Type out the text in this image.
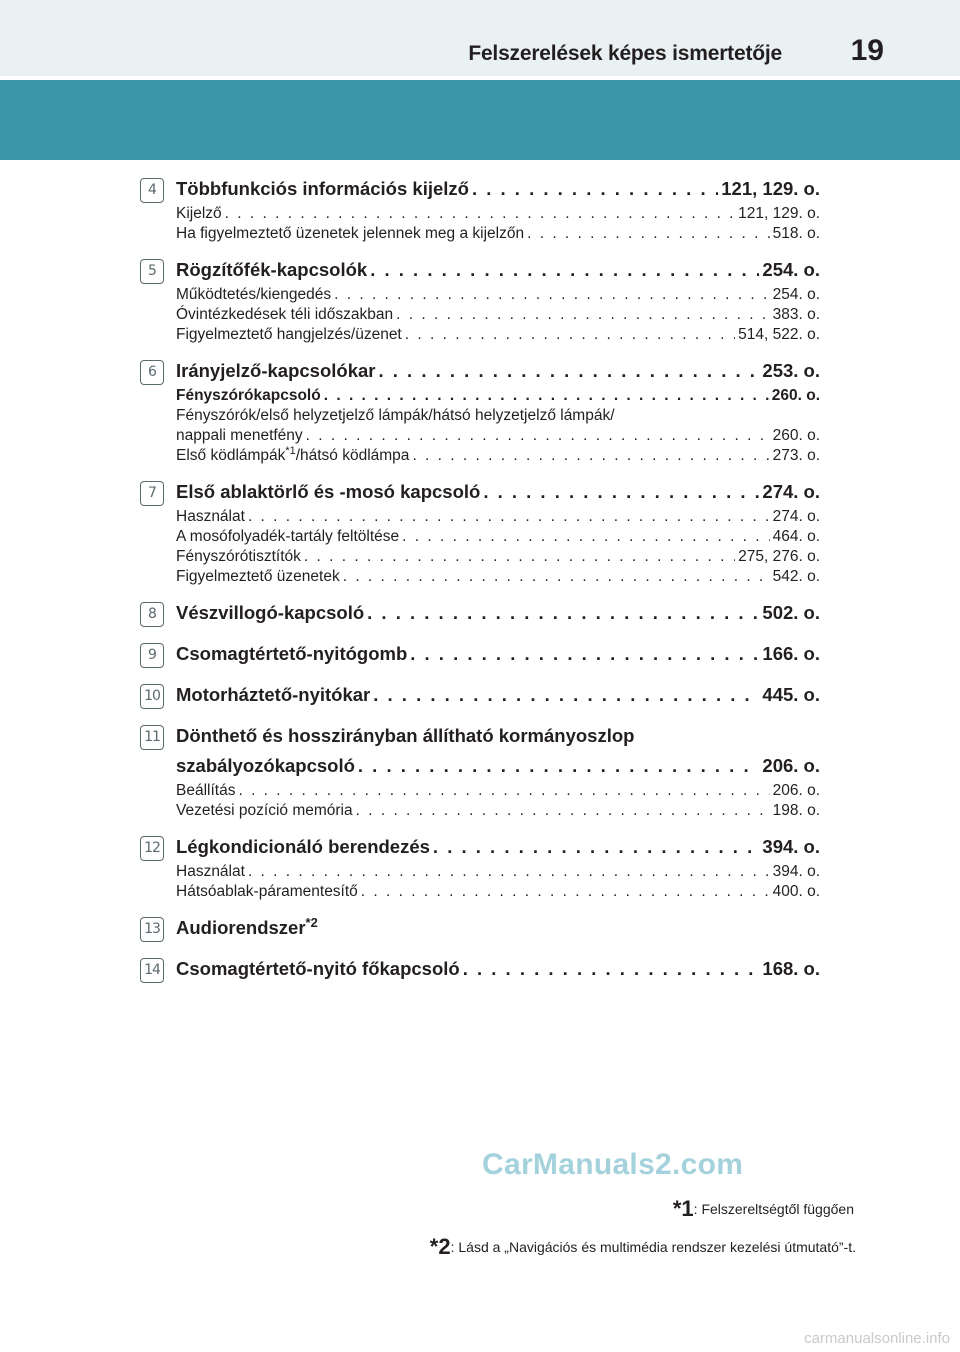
Felszerelések képes ismertetője 19
4	Többfunkciós információs kijelző . . .	121, 129. o.
Kijelző . . .	121, 129. o.
Ha figyelmeztető üzenetek jelennek meg a kijelzőn . . .	518. o.
5	Rögzítőfék-kapcsolók . . .	254. o.
Működtetés/kiengedés . . .	254. o.
Óvintézkedések téli időszakban . . .	383. o.
Figyelmeztető hangjelzés/üzenet . . .	514, 522. o.
6	Irányjelző-kapcsolókar . . .	253. o.
Fényszórókapcsoló . . .	260. o.
Fényszórók/első helyzetjelző lámpák/hátsó helyzetjelző lámpák/
nappali menetfény . . .	260. o.
Első ködlámpák$^{*1}$/hátsó ködlámpa . . .	273. o.
7	Első ablaktörlő és -mosó kapcsoló . . .	274. o.
Használat . . .	274. o.
A mosófolyadék-tartály feltöltése . . .	464. o.
Fényszórótisztítók . . .	275, 276. o.
Figyelmeztető üzenetek . . .	542. o.
8	Vészvillogó-kapcsoló . . .	502. o.
9	Csomagtértető-nyitógomb . . .	166. o.
10 Motorháztető-nyitókar . . .	445. o.
11 Dönthető és hosszirányban állítható kormányoszlop
szabályozókapcsoló . . .	206. o.
Beállítás . . .	206. o.
Vezetési pozíció memória . . .	198. o.
12 Légkondicionáló berendezés . . .	394. o.
Használat . . .	394. o.
Hátsóablak-páramentesítő . . .	400. o.
13 Audiorendszer$^{*2}$
14 Csomagtértető-nyitó főkapcsoló . . .	168. o.
CarManuals2.com
*1: Felszereltségtől függően
*2: Lásd a „Navigációs és multimédia rendszer kezelési útmutató”-t.
carmanualsonline.info
